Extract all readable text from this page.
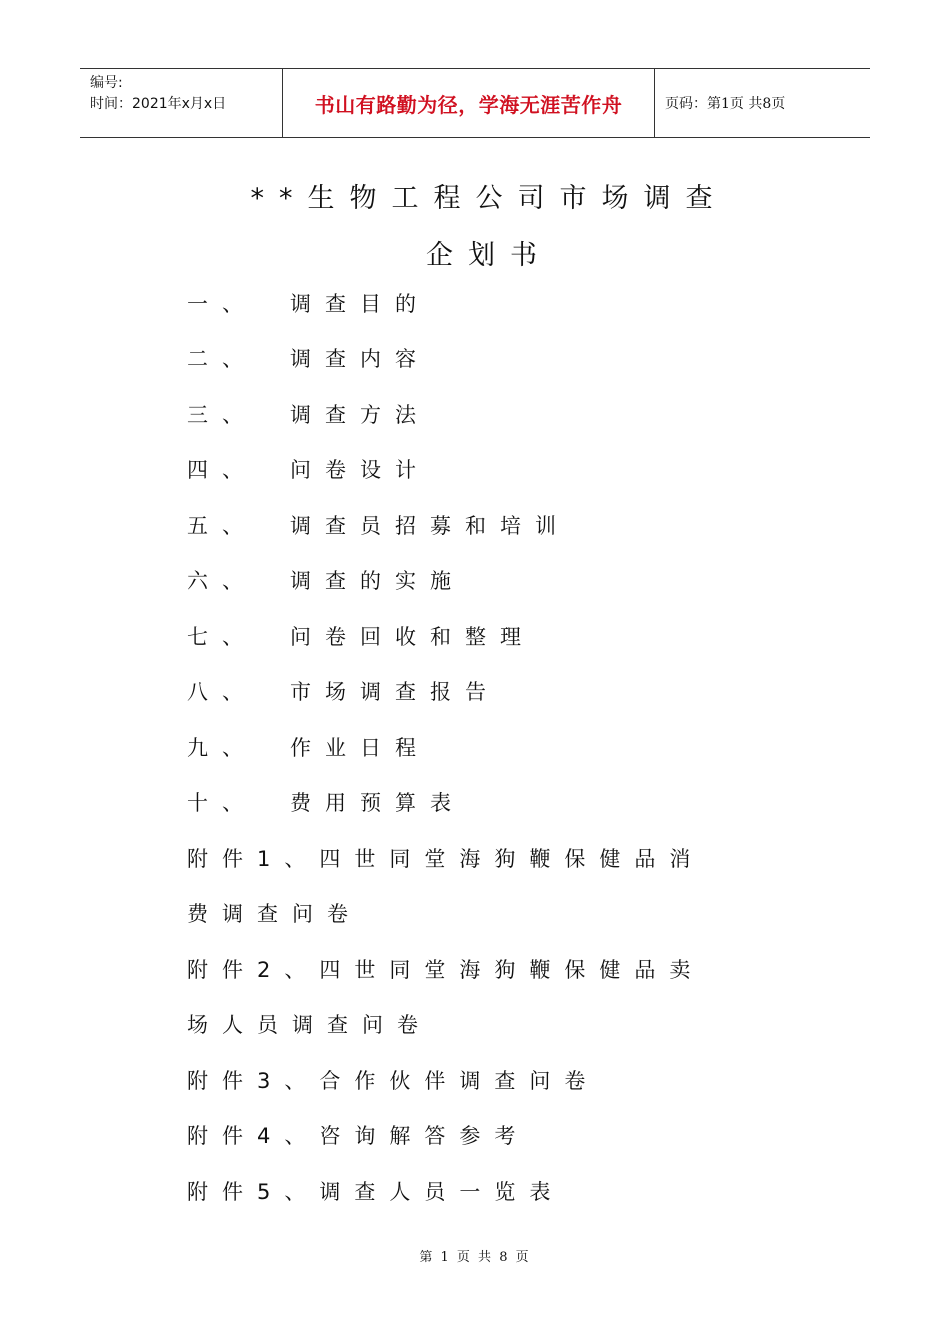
编号:
时间：2021年x月x日	书山有路勤为径，学海无涯苦作舟	页码：第1页 共8页
**生物工程公司市场调查
企划书
一、 调查目的
二、 调查内容
三、 调查方法
四、 问卷设计
五、 调查员招募和培训
六、 调查的实施
七、 问卷回收和整理
八、 市场调查报告
九、 作业日程
十、 费用预算表
附件1、四世同堂海狗鞭保健品消
费调查问卷
附件2、四世同堂海狗鞭保健品卖
场人员调查问卷
附件3、合作伙伴调查问卷
附件4、咨询解答参考
附件5、调查人员一览表
第 1 页 共 8 页
